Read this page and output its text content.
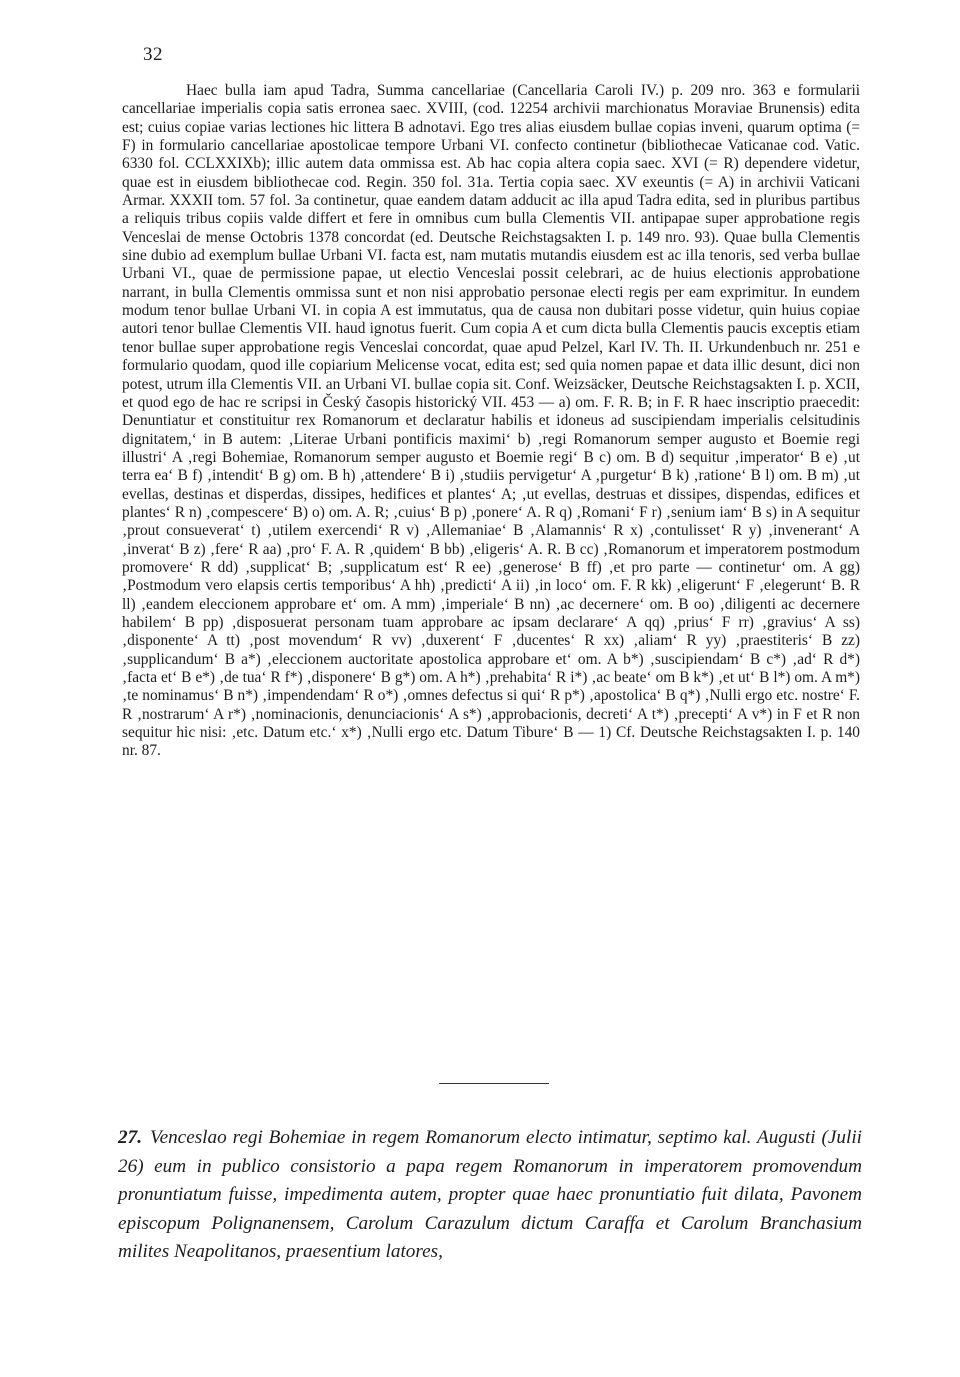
32

Haec bulla iam apud Tadra, Summa cancellariae (Cancellaria Caroli IV.) p. 209 nro. 363 e formularii cancellariae imperialis copia satis erronea saec. XVIII, (cod. 12254 archivii marchionatus Moraviae Brunensis) edita est; cuius copiae varias lectiones hic littera B adnotavi. Ego tres alias eiusdem bullae copias inveni, quarum optima (= F) in formulario cancellariae apostolicae tempore Urbani VI. confecto continetur (bibliothecae Vaticanae cod. Vatic. 6330 fol. CCLXXIXb); illic autem data ommissa est. Ab hac copia altera copia saec. XVI (= R) dependere videtur, quae est in eiusdem bibliothecae cod. Regin. 350 fol. 31a. Tertia copia saec. XV exeuntis (= A) in archivii Vaticani Armar. XXXII tom. 57 fol. 3a continetur, quae eandem datam adducit ac illa apud Tadra edita, sed in pluribus partibus a reliquis tribus copiis valde differt et fere in omnibus cum bulla Clementis VII. antipapae super approbatione regis Venceslai de mense Octobris 1378 concordat (ed. Deutsche Reichstagsakten I. p. 149 nro. 93). Quae bulla Clementis sine dubio ad exemplum bullae Urbani VI. facta est, nam mutatis mutandis eiusdem est ac illa tenoris, sed verba bullae Urbani VI., quae de permissione papae, ut electio Venceslai possit celebrari, ac de huius electionis approbatione narrant, in bulla Clementis ommissa sunt et non nisi approbatio personae electi regis per eam exprimitur. In eundem modum tenor bullae Urbani VI. in copia A est immutatus, qua de causa non dubitari posse videtur, quin huius copiae autori tenor bullae Clementis VII. haud ignotus fuerit. Cum copia A et cum dicta bulla Clementis paucis exceptis etiam tenor bullae super approbatione regis Venceslai concordat, quae apud Pelzel, Karl IV. Th. II. Urkundenbuch nr. 251 e formulario quodam, quod ille copiarium Melicense vocat, edita est; sed quia nomen papae et data illic desunt, dici non potest, utrum illa Clementis VII. an Urbani VI. bullae copia sit. Conf. Weizsäcker, Deutsche Reichstagsakten I. p. XCII, et quod ego de hac re scripsi in Český časopis historický VII. 453 — a) om. F. R. B; in F. R haec inscriptio praecedit: Denuntiatur et constituitur rex Romanorum et declaratur habilis et idoneus ad suscipiendam imperialis celsitudinis dignitatem,‘ in B autem: ‚Literae Urbani pontificis maximi‘ b) ‚regi Romanorum semper augusto et Boemie regi illustri‘ A ‚regi Bohemiae, Romanorum semper augusto et Boemie regi‘ B c) om. B d) sequitur ‚imperator‘ B e) ‚ut terra ea‘ B f) ‚intendit‘ B g) om. B h) ‚attendere‘ B i) ‚studiis pervigetur‘ A ‚purgetur‘ B k) ‚ratione‘ B l) om. B m) ‚ut evellas, destinas et disperdas, dissipes, hedifices et plantes‘ A; ‚ut evellas, destruas et dissipes, dispendas, edifices et plantes‘ R n) ‚compescere‘ B) o) om. A. R; ‚cuius‘ B p) ‚ponere‘ A. R q) ‚Romani‘ F r) ‚senium iam‘ B s) in A sequitur ‚prout consueverat‘ t) ‚utilem exercendi‘ R v) ‚Allemaniae‘ B ‚Alamannis‘ R x) ‚contulisset‘ R y) ‚invenerant‘ A ‚inverat‘ B z) ‚fere‘ R aa) ‚pro‘ F. A. R ‚quidem‘ B bb) ‚eligeris‘ A. R. B cc) ‚Romanorum et imperatorem postmodum promovere‘ R dd) ‚supplicat‘ B; ‚supplicatum est‘ R ee) ‚generose‘ B ff) ‚et pro parte — continetur‘ om. A gg) ‚Postmodum vero elapsis certis temporibus‘ A hh) ‚predicti‘ A ii) ‚in loco‘ om. F. R kk) ‚eligerunt‘ F ‚elegerunt‘ B. R ll) ‚eandem eleccionem approbare et‘ om. A mm) ‚imperiale‘ B nn) ‚ac decernere‘ om. B oo) ‚diligenti ac decernere habilem‘ B pp) ‚disposuerat personam tuam approbare ac ipsam declarare‘ A qq) ‚prius‘ F rr) ‚gravius‘ A ss) ‚disponente‘ A tt) ‚post movendum‘ R vv) ‚duxerent‘ F ‚ducentes‘ R xx) ‚aliam‘ R yy) ‚praestiteris‘ B zz) ‚supplicandum‘ B a*) ‚eleccionem auctoritate apostolica approbare et‘ om. A b*) ‚suscipiendam‘ B c*) ‚ad‘ R d*) ‚facta et‘ B e*) ‚de tua‘ R f*) ‚disponere‘ B g*) om. A h*) ‚prehabita‘ R i*) ‚ac beate‘ om B k*) ‚et ut‘ B l*) om. A m*) ‚te nominamus‘ B n*) ‚impendendam‘ R o*) ‚omnes defectus si qui‘ R p*) ‚apostolica‘ B q*) ‚Nulli ergo etc. nostre‘ F. R ‚nostrarum‘ A r*) ‚nominacionis, denunciacionis‘ A s*) ‚approbacionis, decreti‘ A t*) ‚precepti‘ A v*) in F et R non sequitur hic nisi: ‚etc. Datum etc.‘ x*) ‚Nulli ergo etc. Datum Tibure‘ B — 1) Cf. Deutsche Reichstagsakten I. p. 140 nr. 87.

27. Venceslao regi Bohemiae in regem Romanorum electo intimatur, septimo kal. Augusti (Julii 26) eum in publico consistorio a papa regem Romanorum in imperatorem promovendum pronuntiatum fuisse, impedimenta autem, propter quae haec pronuntiatio fuit dilata, Pavonem episcopum Polignanensem, Carolum Carazulum dictum Caraffa et Carolum Branchasium milites Neapolitanos, praesentium latores,
